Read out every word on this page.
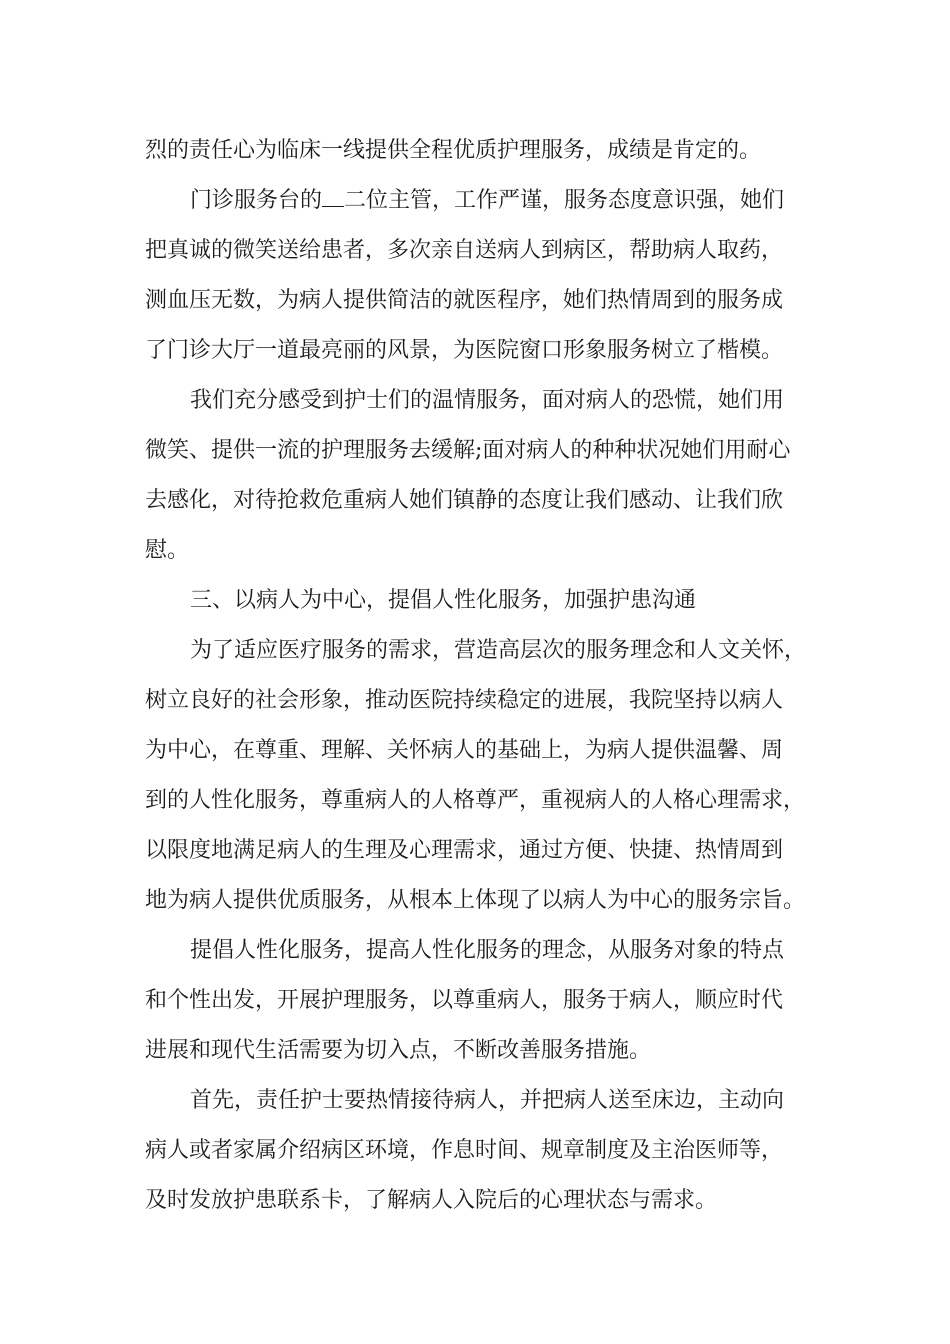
烈的责任心为临床一线提供全程优质护理服务，成绩是肯定的。
门诊服务台的 二位主管，工作严谨，服务态度意识强，她们
把真诚的微笑送给患者，多次亲自送病人到病区，帮助病人取药，
测血压无数，为病人提供简洁的就医程序，她们热情周到的服务成
了门诊大厅一道最亮丽的风景，为医院窗口形象服务树立了楷模。
我们充分感受到护士们的温情服务，面对病人的恐慌，她们用
微笑、提供一流的护理服务去缓解;面对病人的种种状况她们用耐心
去感化，对待抢救危重病人她们镇静的态度让我们感动、让我们欣
慰。
三、以病人为中心，提倡人性化服务，加强护患沟通
为了适应医疗服务的需求，营造高层次的服务理念和人文关怀，
树立良好的社会形象，推动医院持续稳定的进展，我院坚持以病人
为中心，在尊重、理解、关怀病人的基础上，为病人提供温馨、周
到的人性化服务，尊重病人的人格尊严，重视病人的人格心理需求，
以限度地满足病人的生理及心理需求，通过方便、快捷、热情周到
地为病人提供优质服务，从根本上体现了以病人为中心的服务宗旨。
提倡人性化服务，提高人性化服务的理念，从服务对象的特点
和个性出发，开展护理服务，以尊重病人，服务于病人，顺应时代
进展和现代生活需要为切入点，不断改善服务措施。
首先，责任护士要热情接待病人，并把病人送至床边，主动向
病人或者家属介绍病区环境，作息时间、规章制度及主治医师等，
及时发放护患联系卡，了解病人入院后的心理状态与需求。
